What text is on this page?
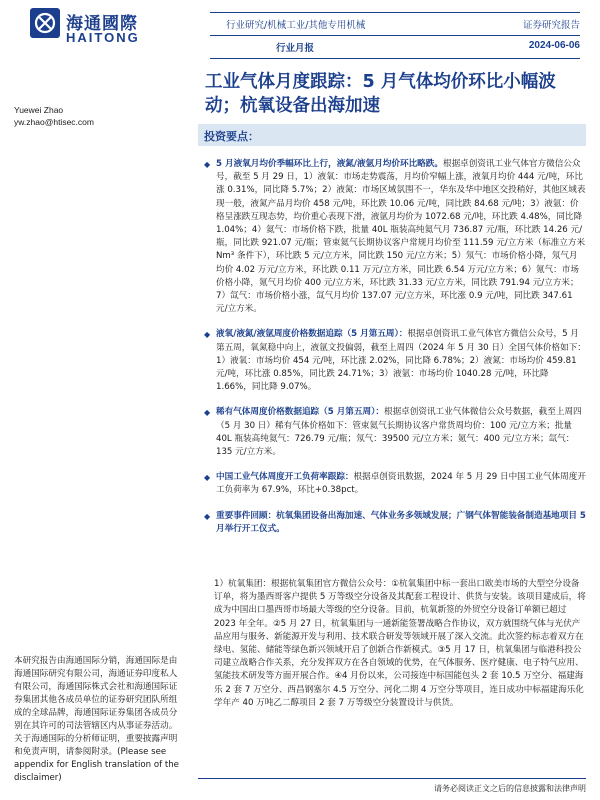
海通國際
HAITONG
行业研究/机械工业/其他专用机械	证券研究报告
行业月报	2024-06-06
工业气体月度跟踪：5 月气体均价环比小幅波动；杭氧设备出海加速
Yuewei Zhao
yw.zhao@htisec.com
投资要点：
◆ 5 月液氧月均价季幅环比上行，液氮/液氩月均价环比略跌。根据卓创资讯工业气体官方微信公众号，截至 5 月 29 日，1）液氧：市场走势震荡，月均价窄幅上涨，液氧月均价 444 元/吨，环比涨 0.31%，同比降 5.7%；2）液氮：市场区域氛围不一，华东及华中地区交投稍好，其他区域表现一般，液氮产品月均价 458 元/吨，环比跌 10.06 元/吨，同比跌 84.68 元/吨；3）液氩：价格呈涨跌互现态势，均价重心表现下滑，液氩月均价为 1072.68 元/吨，环比跌 4.48%，同比降 1.04%；4）氦气：市场价格下跌，批量 40L 瓶装高纯氦气月 736.87 元/瓶，环比跌 14.26 元/瓶，同比跌 921.07 元/瓶；管束氦气长期协议客户常规月均价至 111.59 元/立方米（标准立方米 Nm³ 条件下），环比跌 5 元/立方米，同比跌 150 元/立方米；5）氖气：市场价格小降，氖气月均价 4.02 万元/立方米，环比跌 0.11 万元/立方米，同比跌 6.54 万元/立方米；6）氪气：市场价格小降，氪气月均价 400 元/立方米，环比跌 31.33 元/立方米，同比跌 791.94 元/立方米；7）氙气：市场价格小涨，氙气月均价 137.07 元/立方米，环比涨 0.9 元/吨，同比跌 347.61 元/立方米。
◆ 液氧/液氮/液氩周度价格数据追踪（5 月第五周）：根据卓创资讯工业气体官方微信公众号，5 月第五周，氧氮稳中向上，液氩文投偏弱，截至上周四（2024 年 5 月 30 日）全国气体价格如下：1）液氧：市场均价 454 元/吨，环比涨 2.02%，同比降 6.78%；2）液氮：市场均价 459.81 元/吨，环比涨 0.85%，同比跌 24.71%；3）液氩：市场均价 1040.28 元/吨，环比降 1.66%，同比降 9.07%。
◆ 稀有气体周度价格数据追踪（5 月第五周）：根据卓创资讯工业气体微信公众号数据，截至上周四（5 月 30 日）稀有气体价格如下：管束氦气长期协议客户常货周均价：100 元/立方米；批量 40L 瓶装高纯氦气：726.79 元/瓶；氖气：39500 元/立方米；氪气：400 元/立方米；氙气：135 元/立方米。
◆ 中国工业气体周度开工负荷率跟踪：根据卓创资讯数据，2024 年 5 月 29 日中国工业气体周度开工负荷率为 67.9%，环比+0.38pct。
◆ 重要事件回顾：杭氧集团设备出海加速、气体业务多领域发展；广钢气体智能装备制造基地项目 5 月举行开工仪式。
1）杭氧集团：根据杭氧集团官方微信公众号：①杭氧集团中标一套出口欧美市场的大型空分设备订单，将为墨西哥客户提供 5 万等级空分设备及其配套工程设计、供货与安装。该项目建成后，将成为中国出口墨西哥市场最大等级的空分设备。目前，杭氧新签的外贸空分设备订单额已超过 2023 年全年。②5 月 27 日，杭氧集团与一通新能签署战略合作协议，双方就围绕气体与光伏产品应用与服务、新能源开发与利用、技术联合研发等领域开展了深入交流。此次签约标志着双方在绿电、氢能、储能等绿色新兴领域开启了创新合作新模式。③5 月 17 日，杭氧集团与临港科投公司建立战略合作关系，充分发挥双方在各自领域的优势，在气体服务、医疗健康、电子特气应用、氢能技术研发等方面开展合作。④4 月份以来，公司接连中标国能包头 2 套 10.5 万空分、福建海乐 2 套 7 万空分、西昌钢塞尔 4.5 万空分、河化二期 4 万空分等项目，连日成功中标福建海乐化学年产 40 万吨乙二醇项目 2 套 7 万等级空分装置设计与供货。
本研究报告由海通国际分销，海通国际是由海通国际研究有限公司，海通证券印度私人有限公司，海通国际株式会社和海通国际证券集团其他各成员单位的证券研究团队所组成的全球品牌，海通国际证券集团各成员分别在其许可的司法管辖区内从事证券活动。关于海通国际的分析师证明，重要披露声明和免责声明，请参阅附录。(Please see appendix for English translation of the disclaimer)
请务必阅读正文之后的信息披露和法律声明
